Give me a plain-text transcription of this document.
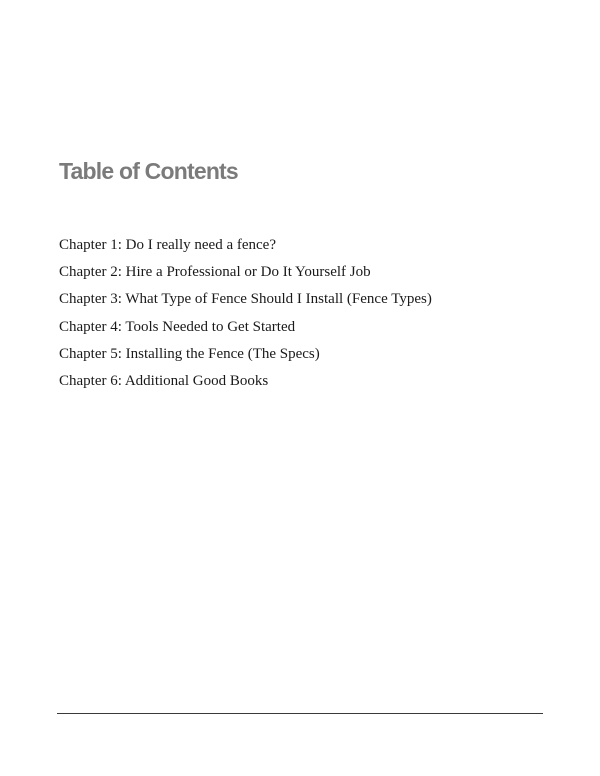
Table of Contents
Chapter 1: Do I really need a fence?
Chapter 2: Hire a Professional or Do It Yourself Job
Chapter 3: What Type of Fence Should I Install (Fence Types)
Chapter 4: Tools Needed to Get Started
Chapter 5: Installing the Fence (The Specs)
Chapter 6: Additional Good Books
